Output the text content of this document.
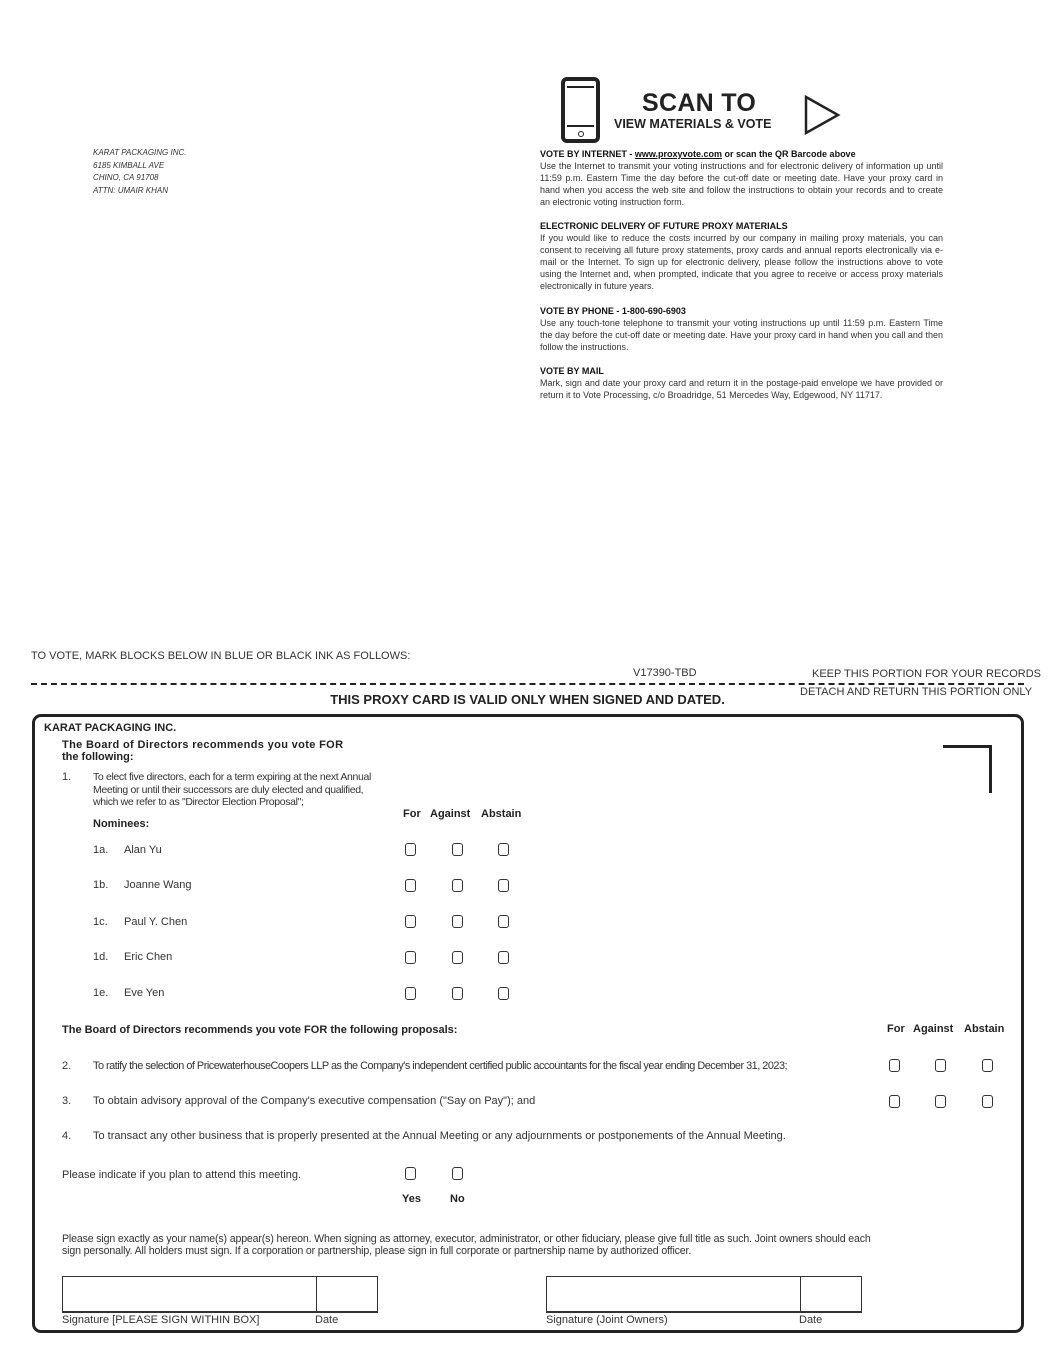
KARAT PACKAGING INC.
6185 KIMBALL AVE
CHINO, CA 91708
ATTN: UMAIR KHAN
SCAN TO
VIEW MATERIALS & VOTE
VOTE BY INTERNET - www.proxyvote.com or scan the QR Barcode above
Use the Internet to transmit your voting instructions and for electronic delivery of information up until 11:59 p.m. Eastern Time the day before the cut-off date or meeting date. Have your proxy card in hand when you access the web site and follow the instructions to obtain your records and to create an electronic voting instruction form.
ELECTRONIC DELIVERY OF FUTURE PROXY MATERIALS
If you would like to reduce the costs incurred by our company in mailing proxy materials, you can consent to receiving all future proxy statements, proxy cards and annual reports electronically via e-mail or the Internet. To sign up for electronic delivery, please follow the instructions above to vote using the Internet and, when prompted, indicate that you agree to receive or access proxy materials electronically in future years.
VOTE BY PHONE - 1-800-690-6903
Use any touch-tone telephone to transmit your voting instructions up until 11:59 p.m. Eastern Time the day before the cut-off date or meeting date. Have your proxy card in hand when you call and then follow the instructions.
VOTE BY MAIL
Mark, sign and date your proxy card and return it in the postage-paid envelope we have provided or return it to Vote Processing, c/o Broadridge, 51 Mercedes Way, Edgewood, NY 11717.
TO VOTE, MARK BLOCKS BELOW IN BLUE OR BLACK INK AS FOLLOWS:
V17390-TBD	KEEP THIS PORTION FOR YOUR RECORDS
DETACH AND RETURN THIS PORTION ONLY
THIS PROXY CARD IS VALID ONLY WHEN SIGNED AND DATED.
KARAT PACKAGING INC.
The Board of Directors recommends you vote FOR
the following:
1. To elect five directors, each for a term expiring at the next Annual Meeting or until their successors are duly elected and qualified, which we refer to as "Director Election Proposal";
Nominees:
For Against Abstain
1a. Alan Yu
1b. Joanne Wang
1c. Paul Y. Chen
1d. Eric Chen
1e. Eve Yen
The Board of Directors recommends you vote FOR the following proposals:	For Against Abstain
2. To ratify the selection of PricewaterhouseCoopers LLP as the Company's independent certified public accountants for the fiscal year ending December 31, 2023;
3. To obtain advisory approval of the Company's executive compensation ("Say on Pay"); and
4. To transact any other business that is properly presented at the Annual Meeting or any adjournments or postponements of the Annual Meeting.
Please indicate if you plan to attend this meeting.
Yes	No
Please sign exactly as your name(s) appear(s) hereon. When signing as attorney, executor, administrator, or other fiduciary, please give full title as such. Joint owners should each sign personally. All holders must sign. If a corporation or partnership, please sign in full corporate or partnership name by authorized officer.
Signature [PLEASE SIGN WITHIN BOX]	Date	Signature (Joint Owners)	Date
